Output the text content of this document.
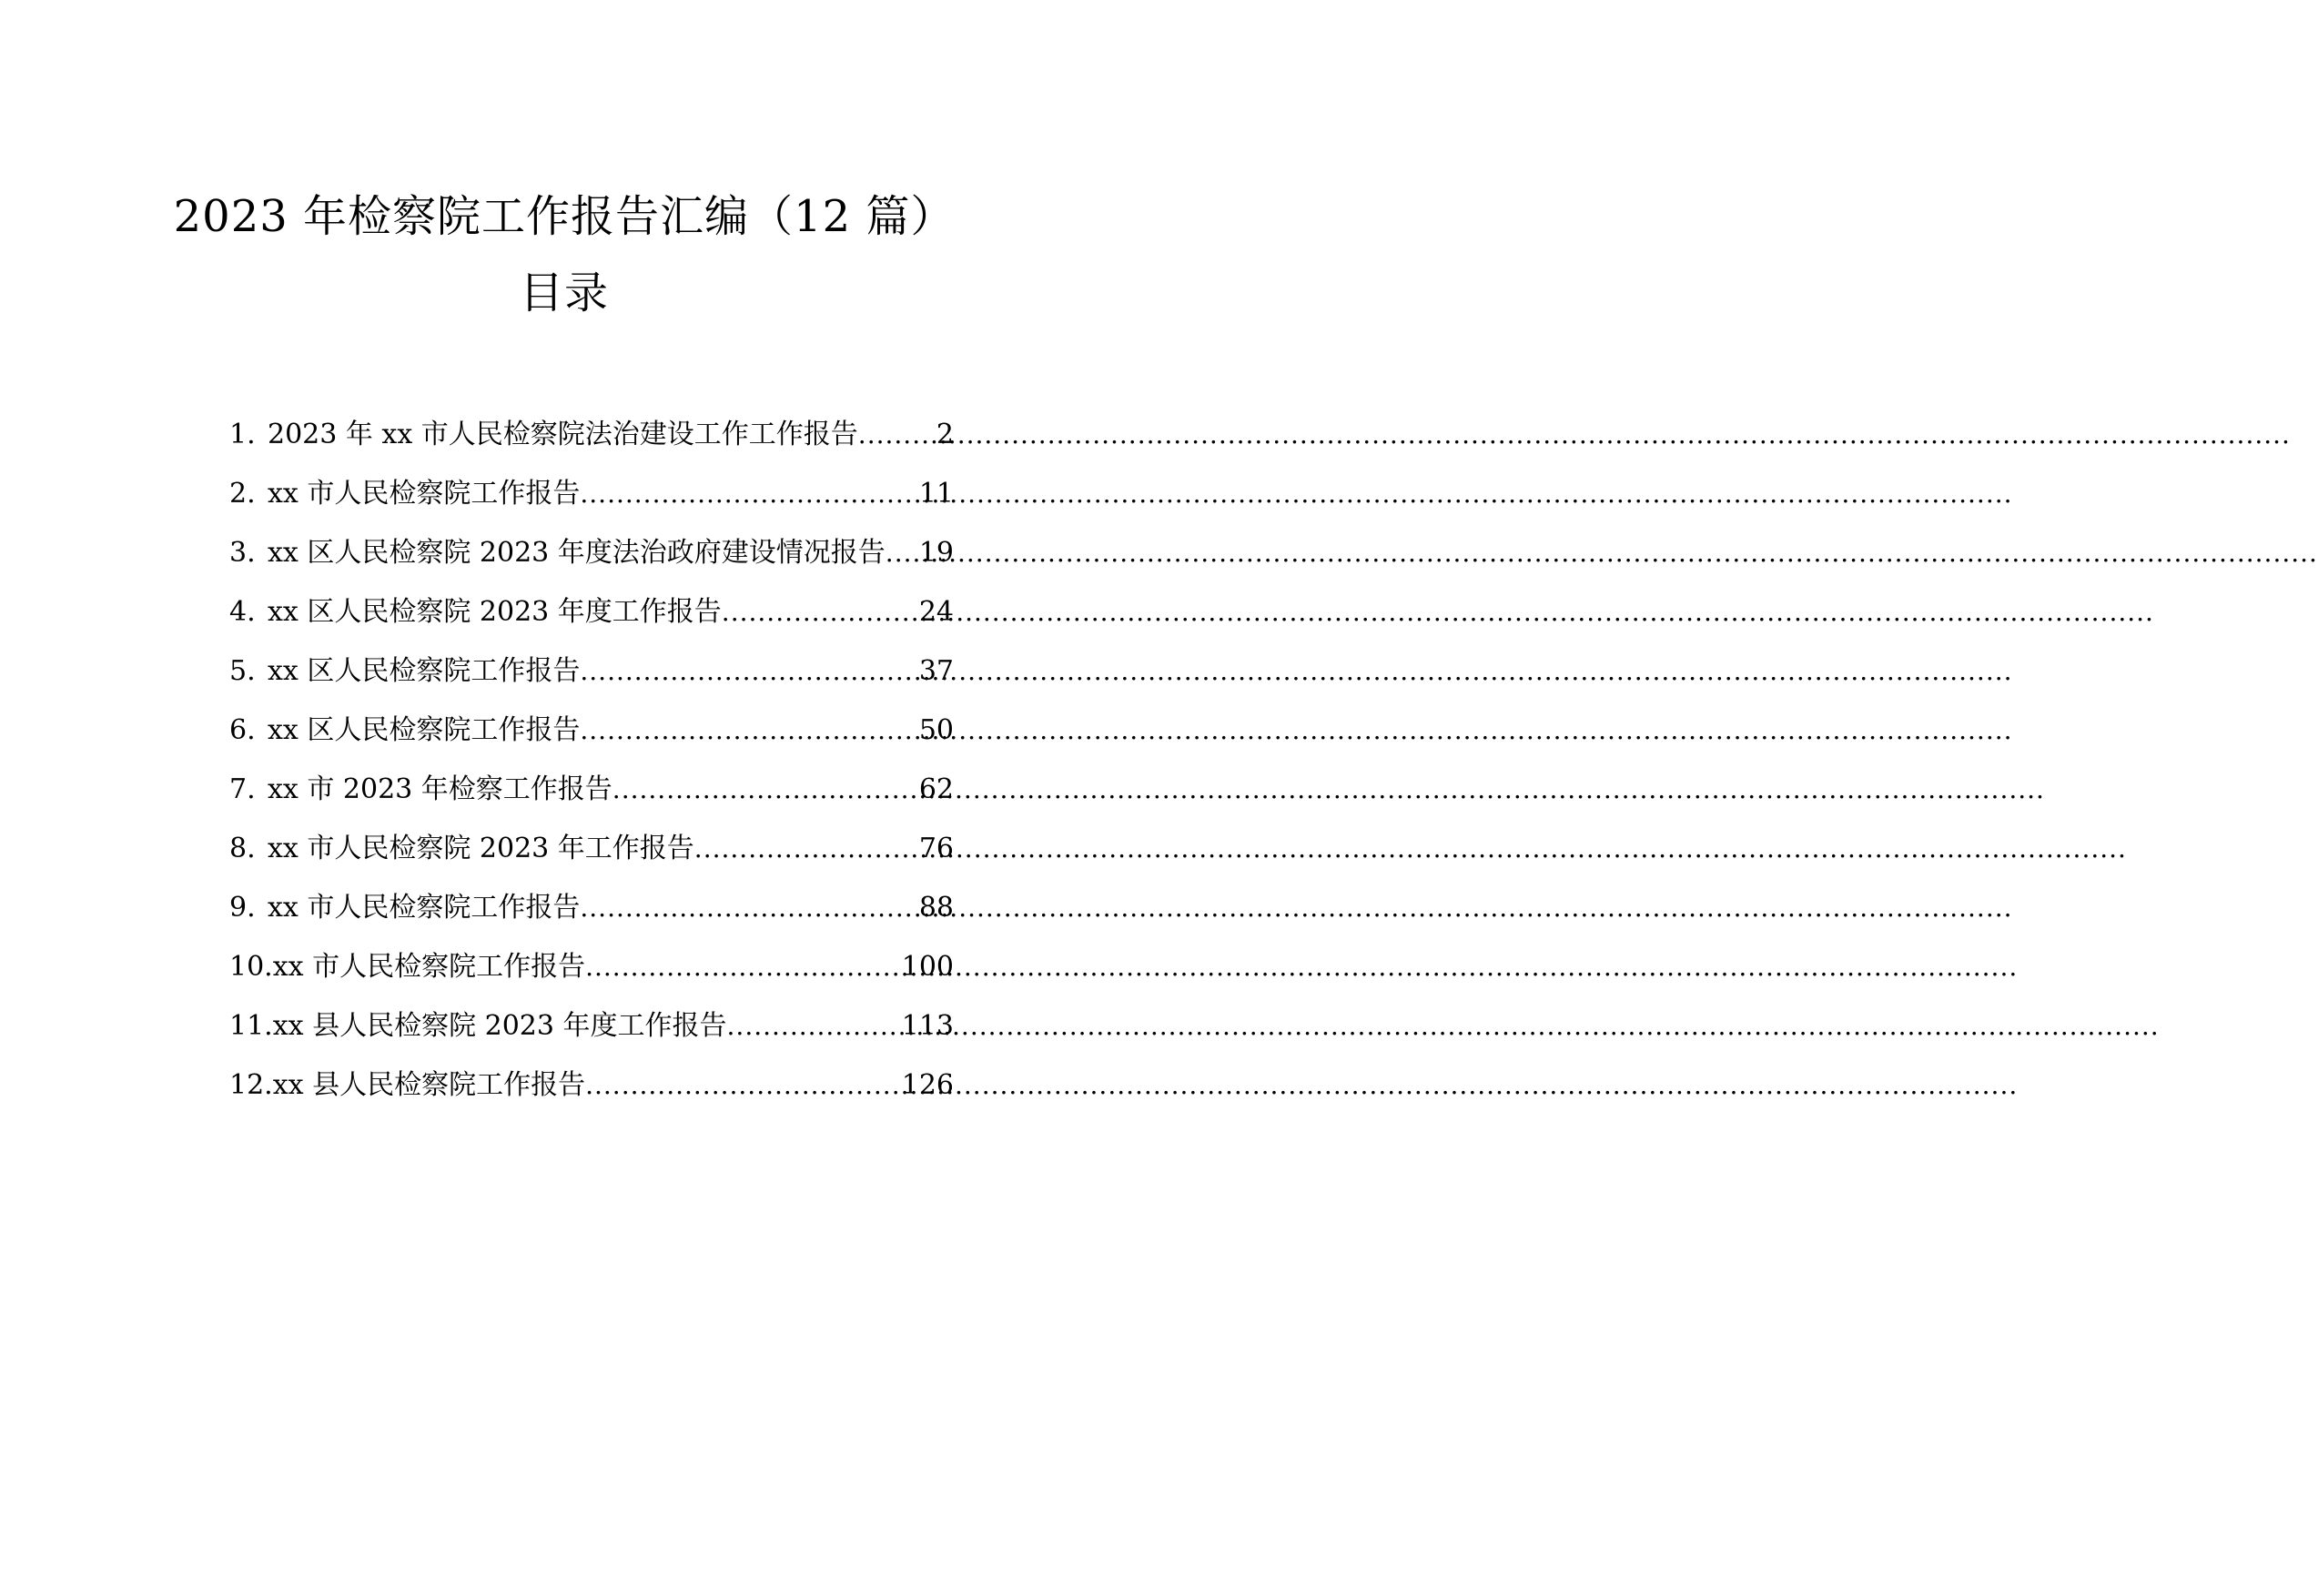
2023 年检察院工作报告汇编（12 篇）
目录
1. 2023 年 xx 市人民检察院法治建设工作工作报告 .....	2
2. xx 市人民检察院工作报告 .....	11
3. xx 区人民检察院 2023 年度法治政府建设情况报告 ..... 19
4. xx 区人民检察院 2023 年度工作报告 .....	24
5. xx 区人民检察院工作报告 .....	37
6. xx 区人民检察院工作报告 .....	50
7. xx 市 2023 年检察工作报告 .....	62
8. xx 市人民检察院 2023 年工作报告 .....	76
9. xx 市人民检察院工作报告 .....	88
10. xx 市人民检察院工作报告 .....	100
11. xx 县人民检察院 2023 年度工作报告 .....	113
12. xx 县人民检察院工作报告 .....	126
